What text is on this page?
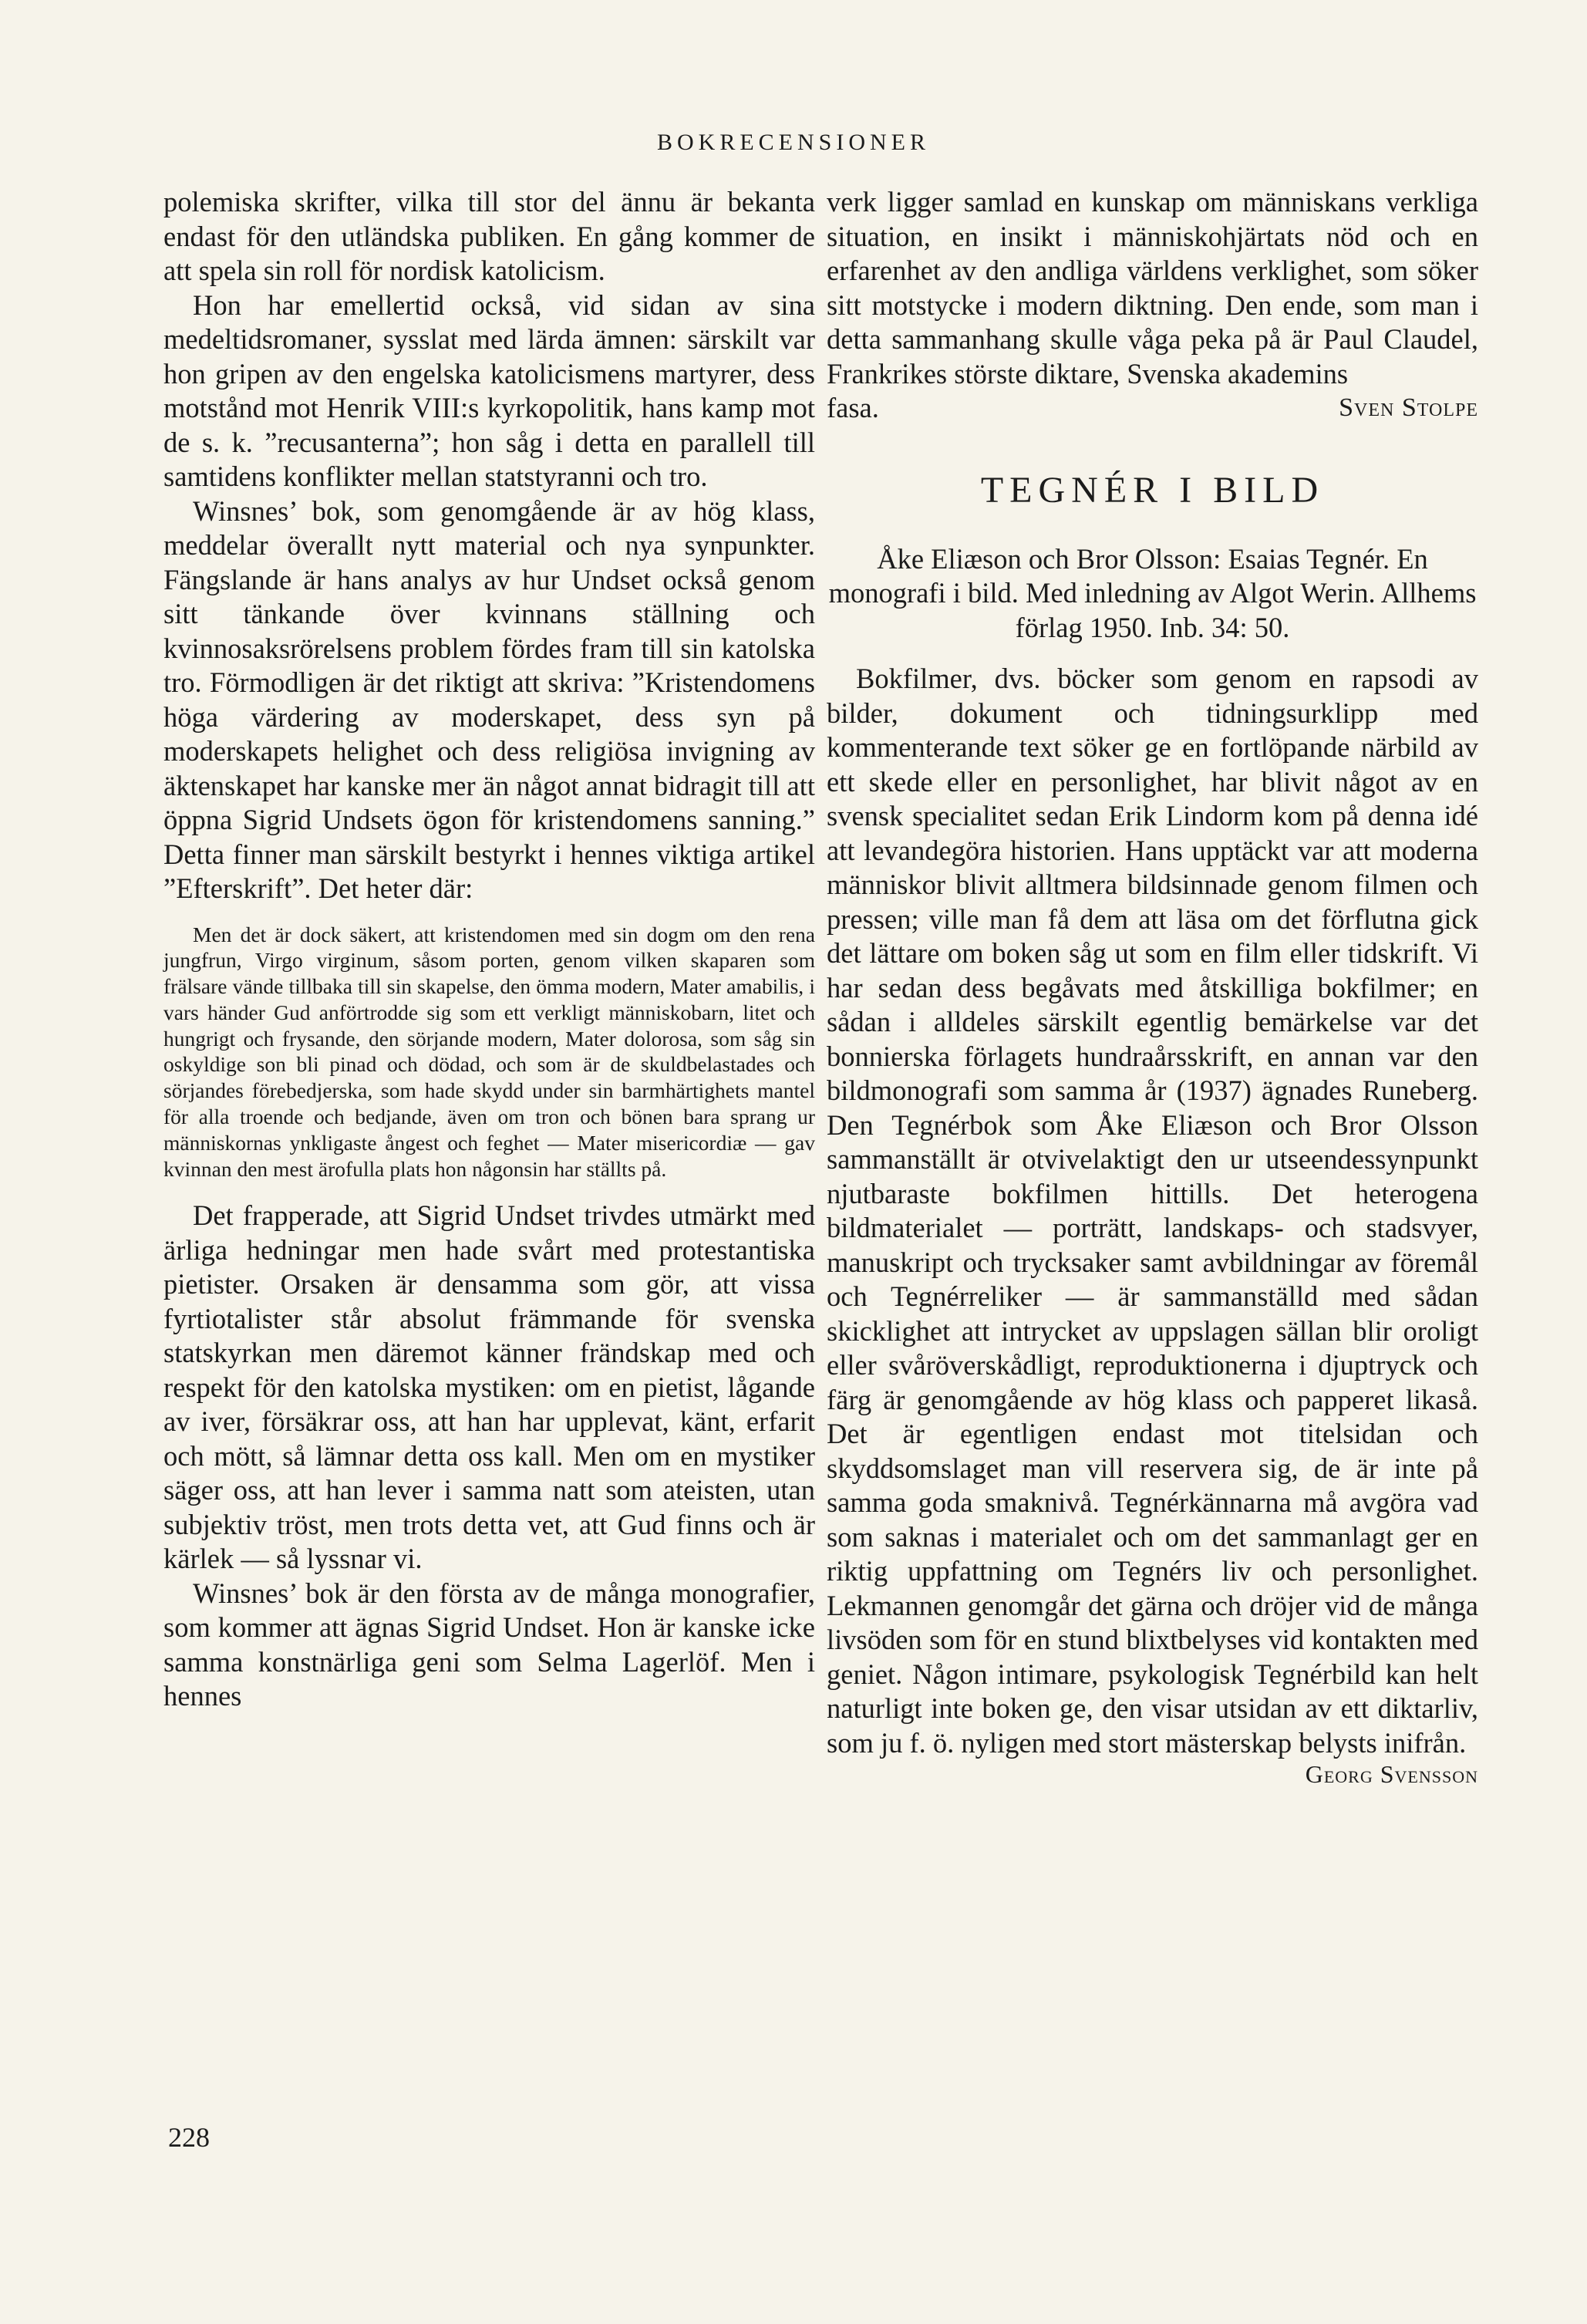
BOKRECENSIONER

polemiska skrifter, vilka till stor del ännu är bekanta endast för den utländska publiken. En gång kommer de att spela sin roll för nordisk katolicism.

Hon har emellertid också, vid sidan av sina medeltidsromaner, sysslat med lärda ämnen: särskilt var hon gripen av den engelska katolicismens martyrer, dess motstånd mot Henrik VIII:s kyrkopolitik, hans kamp mot de s. k. ”recusanterna”; hon såg i detta en parallell till samtidens konflikter mellan statstyranni och tro.

Winsnes’ bok, som genomgående är av hög klass, meddelar överallt nytt material och nya synpunkter. Fängslande är hans analys av hur Undset också genom sitt tänkande över kvinnans ställning och kvinnosaksrörelsens problem fördes fram till sin katolska tro. Förmodligen är det riktigt att skriva: ”Kristendomens höga värdering av moderskapet, dess syn på moderskapets helighet och dess religiösa invigning av äktenskapet har kanske mer än något annat bidragit till att öppna Sigrid Undsets ögon för kristendomens sanning.” Detta finner man särskilt bestyrkt i hennes viktiga artikel ”Efterskrift”. Det heter där:

Men det är dock säkert, att kristendomen med sin dogm om den rena jungfrun, Virgo virginum, såsom porten, genom vilken skaparen som frälsare vände tillbaka till sin skapelse, den ömma modern, Mater amabilis, i vars händer Gud anförtrodde sig som ett verkligt människobarn, litet och hungrigt och frysande, den sörjande modern, Mater dolorosa, som såg sin oskyldige son bli pinad och dödad, och som är de skuldbelastades och sörjandes förebedjerska, som hade skydd under sin barmhärtighets mantel för alla troende och bedjande, även om tron och bönen bara sprang ur människornas ynkligaste ångest och feghet — Mater misericordiæ — gav kvinnan den mest ärofulla plats hon någonsin har ställts på.

Det frapperade, att Sigrid Undset trivdes utmärkt med ärliga hedningar men hade svårt med protestantiska pietister. Orsaken är densamma som gör, att vissa fyrtiotalister står absolut främmande för svenska statskyrkan men däremot känner frändskap med och respekt för den katolska mystiken: om en pietist, lågande av iver, försäkrar oss, att han har upplevat, känt, erfarit och mött, så lämnar detta oss kall. Men om en mystiker säger oss, att han lever i samma natt som ateisten, utan subjektiv tröst, men trots detta vet, att Gud finns och är kärlek — så lyssnar vi.

Winsnes’ bok är den första av de många monografier, som kommer att ägnas Sigrid Undset. Hon är kanske icke samma konstnärliga geni som Selma Lagerlöf. Men i hennes

verk ligger samlad en kunskap om människans verkliga situation, en insikt i människohjärtats nöd och en erfarenhet av den andliga världens verklighet, som söker sitt motstycke i modern diktning. Den ende, som man i detta sammanhang skulle våga peka på är Paul Claudel, Frankrikes störste diktare, Svenska akademins

fasa.	Sven Stolpe
TEGNÉR I BILD
Åke Eliæson och Bror Olsson: Esaias Tegnér. En monografi i bild. Med inledning av Algot Werin. Allhems förlag 1950. Inb. 34: 50.

Bokfilmer, dvs. böcker som genom en rapsodi av bilder, dokument och tidningsurklipp med kommenterande text söker ge en fortlöpande närbild av ett skede eller en personlighet, har blivit något av en svensk specialitet sedan Erik Lindorm kom på denna idé att levandegöra historien. Hans upptäckt var att moderna människor blivit alltmera bildsinnade genom filmen och pressen; ville man få dem att läsa om det förflutna gick det lättare om boken såg ut som en film eller tidskrift. Vi har sedan dess begåvats med åtskilliga bokfilmer; en sådan i alldeles särskilt egentlig bemärkelse var det bonnierska förlagets hundraårsskrift, en annan var den bildmonografi som samma år (1937) ägnades Runeberg. Den Tegnérbok som Åke Eliæson och Bror Olsson sammanställt är otvivelaktigt den ur utseendessynpunkt njutbaraste bokfilmen hittills. Det heterogena bildmaterialet — porträtt, landskaps- och stadsvyer, manuskript och trycksaker samt avbildningar av föremål och Tegnérreliker — är sammanställd med sådan skicklighet att intrycket av uppslagen sällan blir oroligt eller svåröverskådligt, reproduktionerna i djuptryck och färg är genomgående av hög klass och papperet likaså. Det är egentligen endast mot titelsidan och skyddsomslaget man vill reservera sig, de är inte på samma goda smaknivå. Tegnérkännarna må avgöra vad som saknas i materialet och om det sammanlagt ger en riktig uppfattning om Tegnérs liv och personlighet. Lekmannen genomgår det gärna och dröjer vid de många livsöden som för en stund blixtbelyses vid kontakten med geniet. Någon intimare, psykologisk Tegnérbild kan helt naturligt inte boken ge, den visar utsidan av ett diktarliv, som ju f. ö. nyligen med stort mästerskap belysts inifrån.

Georg Svensson
228
